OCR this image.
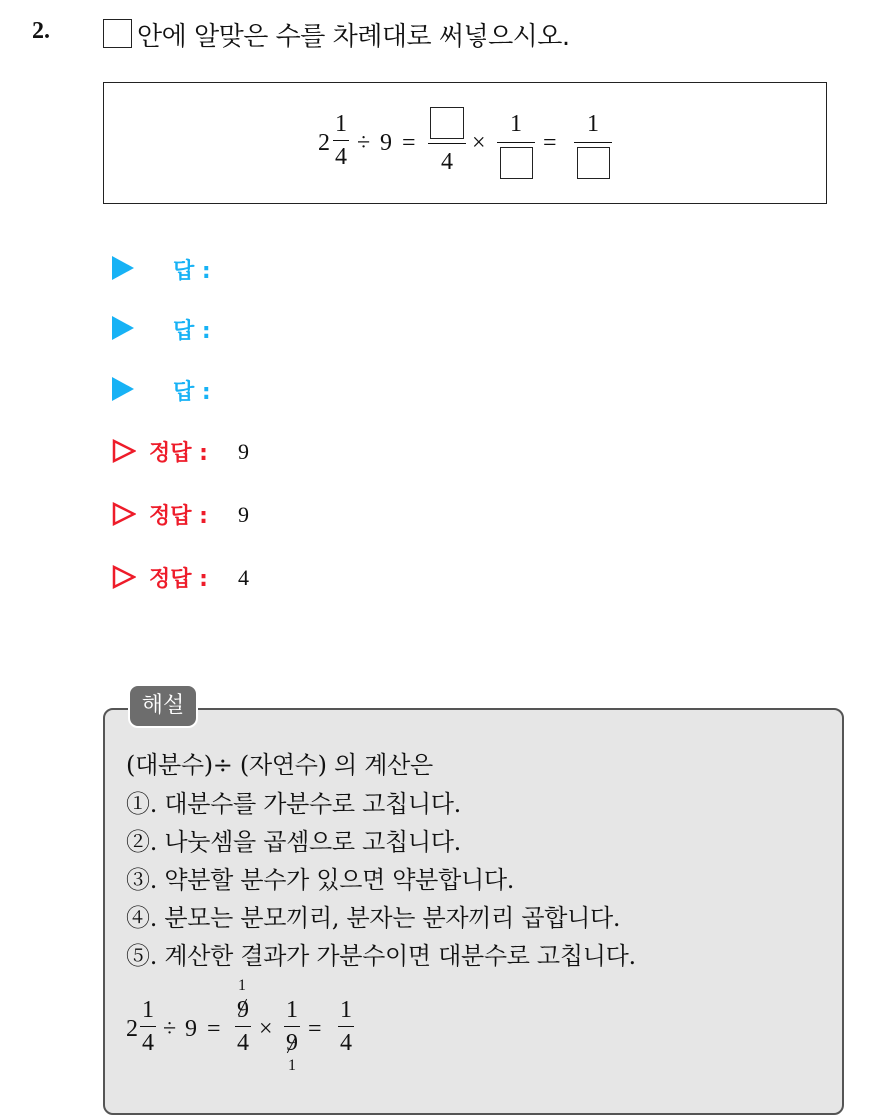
2.	안에 알맞은 수를 차례대로 써넣으시오.
2
1
4
÷ 9 =
4
×
1
=
1
답 :
답 :
답 :
정답 : 9
정답 : 9
정답 : 4
해설
(대분수)÷ (자연수) 의 계산은
①. 대분수를 가분수로 고칩니다.
②. 나눗셈을 곱셈으로 고칩니다.
③. 약분할 분수가 있으면 약분합니다.
④. 분모는 분모끼리, 분자는 분자끼리 곱합니다.
⑤. 계산한 결과가 가분수이면 대분수로 고칩니다.
2
1
4
÷ 9 =
1
9
4
×
1
9
1
=
1
4
